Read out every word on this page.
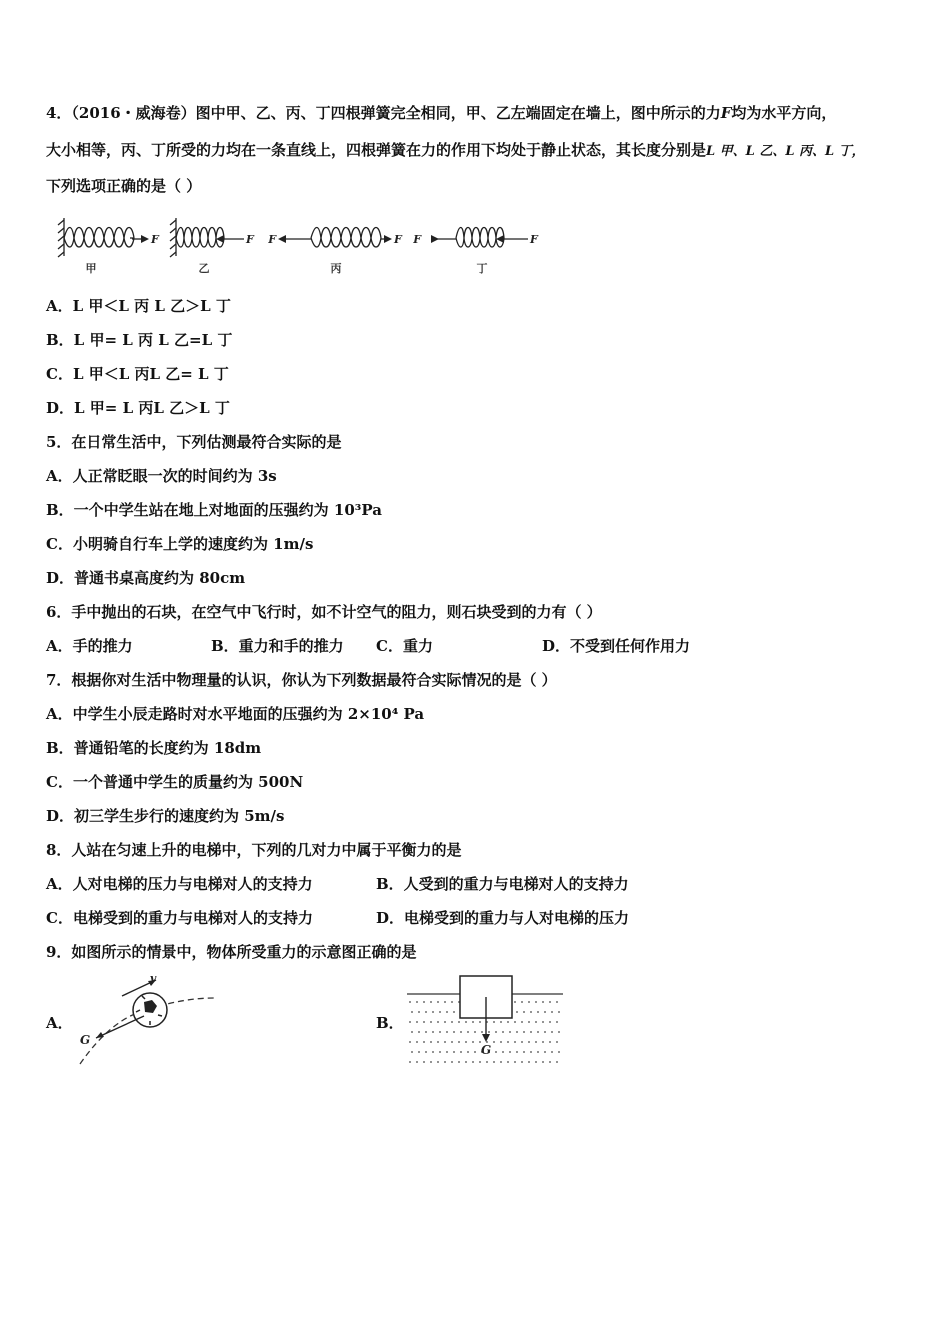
4．（2016・威海卷）图中甲、乙、丙、丁四根弹簧完全相同，甲、乙左端固定在墙上，图中所示的力F均为水平方向，
大小相等，丙、丁所受的力均在一条直线上，四根弹簧在力的作用下均处于静止状态，其长度分别是L 甲、L 乙、L 丙、L 丁，
下列选项正确的是（ ）
F	F F	F F	F
甲	乙	丙	丁
A．L 甲＜L 丙 L 乙＞L 丁
B．L 甲= L 丙 L 乙=L 丁
C．L 甲＜L 丙L 乙= L 丁
D．L 甲= L 丙L 乙＞L 丁
5．在日常生活中，下列估测最符合实际的是
A．人正常眨眼一次的时间约为 3s
B．一个中学生站在地上对地面的压强约为 10³Pa
C．小明骑自行车上学的速度约为 1m/s
D．普通书桌高度约为 80cm
6．手中抛出的石块，在空气中飞行时，如不计空气的阻力，则石块受到的力有（ ）
A．手的推力	B．重力和手的推力 C．重力	D．不受到任何作用力
7．根据你对生活中物理量的认识，你认为下列数据最符合实际情况的是（ ）
A．中学生小辰走路时对水平地面的压强约为 2×10⁴ Pa
B．普通铅笔的长度约为 18dm
C．一个普通中学生的质量约为 500N
D．初三学生步行的速度约为 5m/s
8．人站在匀速上升的电梯中，下列的几对力中属于平衡力的是
A．人对电梯的压力与电梯对人的支持力	B．人受到的重力与电梯对人的支持力
C．电梯受到的重力与电梯对人的支持力	D．电梯受到的重力与人对电梯的压力
9．如图所示的情景中，物体所受重力的示意图正确的是
A．	B．
v
G
G
